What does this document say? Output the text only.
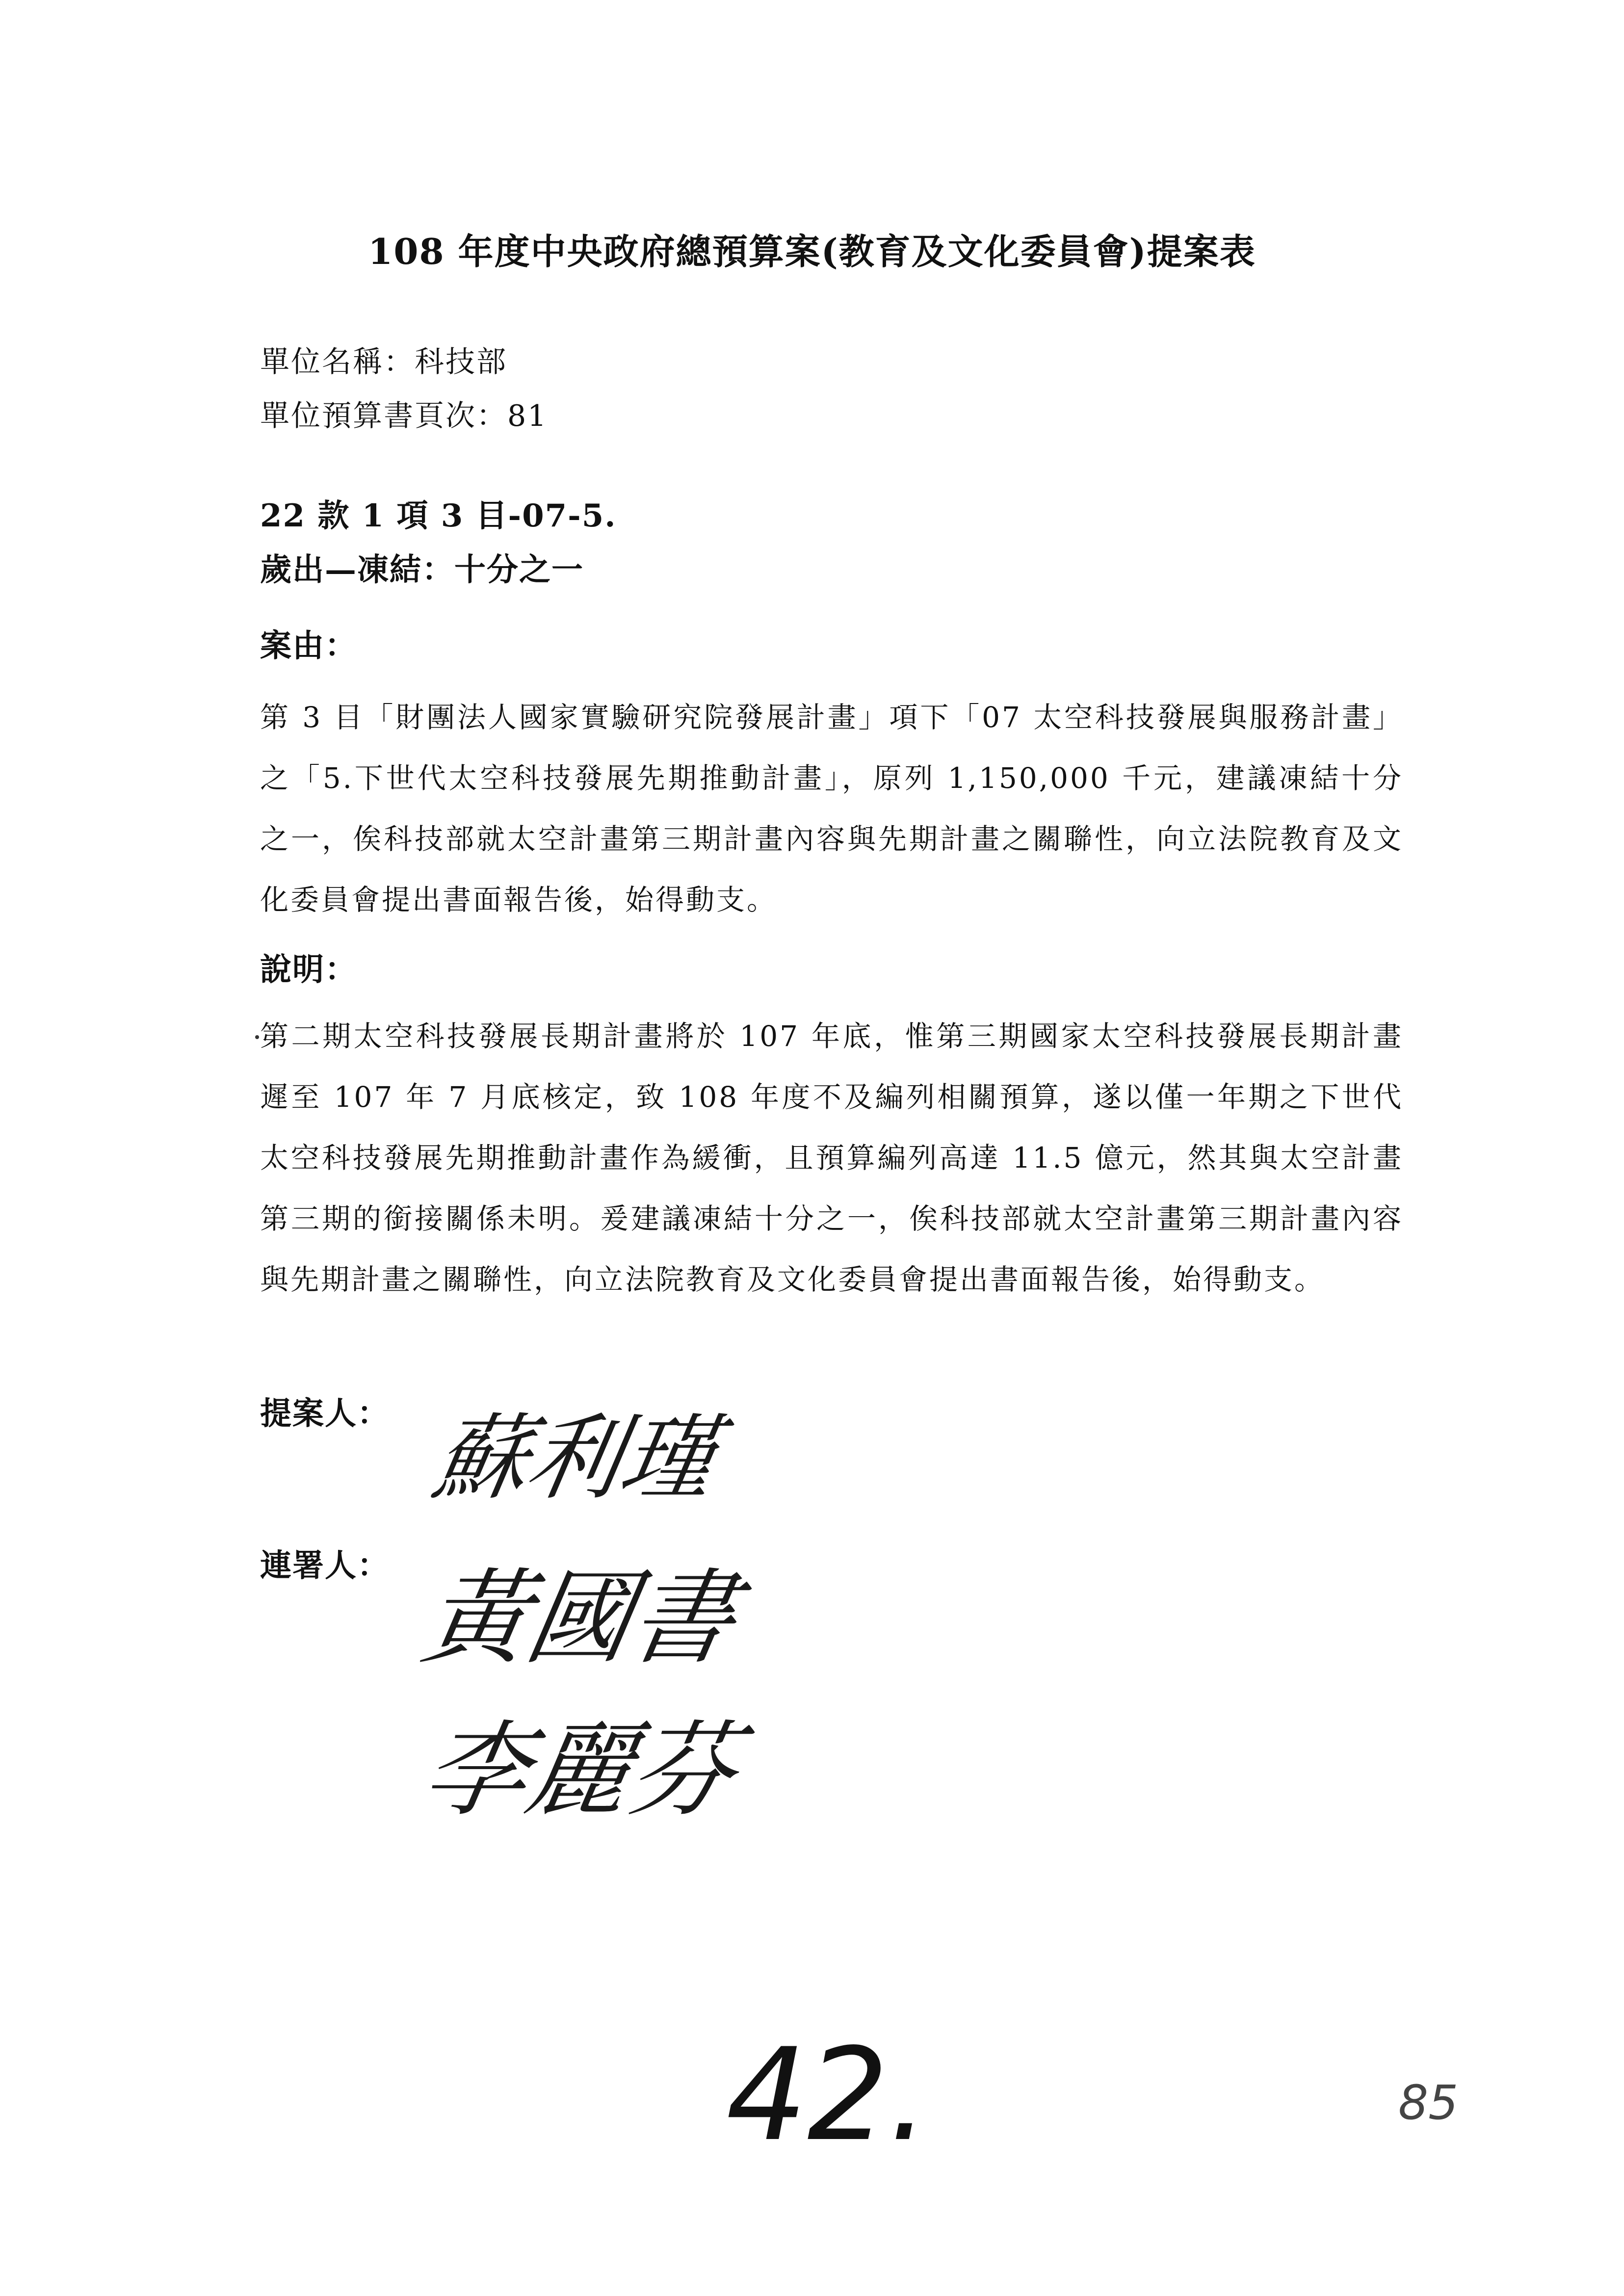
108 年度中央政府總預算案(教育及文化委員會)提案表
單位名稱：科技部
單位預算書頁次：81
22 款 1 項 3 目-07-5.
歲出—凍結：十分之一
案由：
第 3 目「財團法人國家實驗研究院發展計畫」項下「07 太空科技發展與服務計畫」之「5.下世代太空科技發展先期推動計畫」，原列 1,150,000 千元，建議凍結十分之一，俟科技部就太空計畫第三期計畫內容與先期計畫之關聯性，向立法院教育及文化委員會提出書面報告後，始得動支。
說明：
第二期太空科技發展長期計畫將於 107 年底，惟第三期國家太空科技發展長期計畫遲至 107 年 7 月底核定，致 108 年度不及編列相關預算，遂以僅一年期之下世代太空科技發展先期推動計畫作為緩衝，且預算編列高達 11.5 億元，然其與太空計畫第三期的銜接關係未明。爰建議凍結十分之一，俟科技部就太空計畫第三期計畫內容與先期計畫之關聯性，向立法院教育及文化委員會提出書面報告後，始得動支。
提案人： 蘇利瑾
連署人： 黃國書
李麗芬
42.	85
